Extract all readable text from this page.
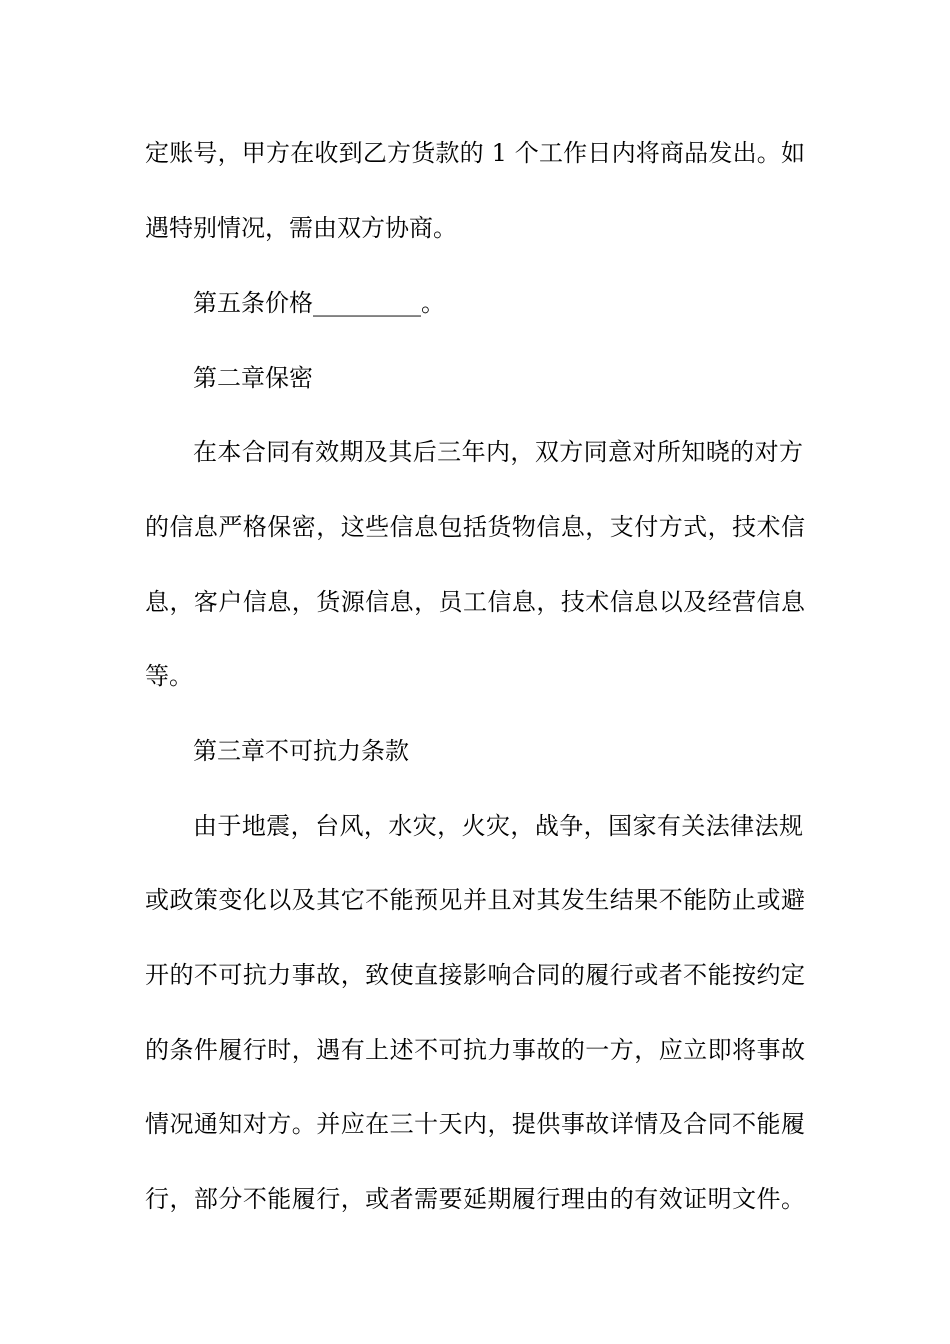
定账号，甲方在收到乙方货款的 1 个工作日内将商品发出。如
遇特别情况，需由双方协商。
第五条价格_________。
第二章保密
在本合同有效期及其后三年内，双方同意对所知晓的对方
的信息严格保密，这些信息包括货物信息，支付方式，技术信
息，客户信息，货源信息，员工信息，技术信息以及经营信息
等。
第三章不可抗力条款
由于地震，台风，水灾，火灾，战争，国家有关法律法规
或政策变化以及其它不能预见并且对其发生结果不能防止或避
开的不可抗力事故，致使直接影响合同的履行或者不能按约定
的条件履行时，遇有上述不可抗力事故的一方，应立即将事故
情况通知对方。并应在三十天内，提供事故详情及合同不能履
行，部分不能履行，或者需要延期履行理由的有效证明文件。
